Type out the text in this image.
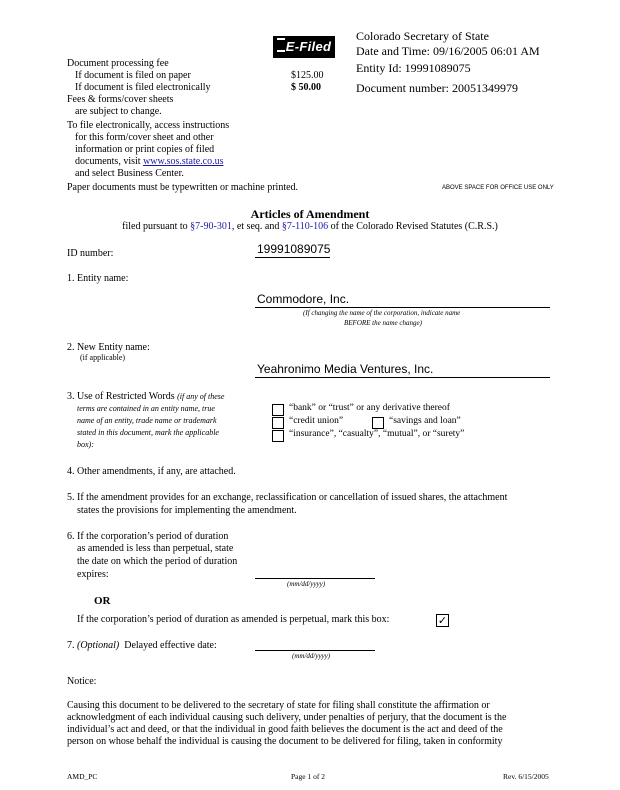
E-Filed
Colorado Secretary of State
Date and Time: 09/16/2005 06:01 AM
Entity Id: 19991089075
Document number: 20051349979
Document processing fee
If document is filed on paper	$125.00
If document is filed electronically	$ 50.00
Fees & forms/cover sheets
are subject to change.
To file electronically, access instructions
for this form/cover sheet and other
information or print copies of filed
documents, visit www.sos.state.co.us
and select Business Center.
Paper documents must be typewritten or machine printed.	ABOVE SPACE FOR OFFICE USE ONLY
Articles of Amendment
filed pursuant to §7-90-301, et seq. and §7-110-106 of the Colorado Revised Statutes (C.R.S.)
ID number:	19991089075
1. Entity name:
Commodore, Inc.
(If changing the name of the corporation, indicate name
BEFORE the name change)
2. New Entity name:
(if applicable)
Yeahronimo Media Ventures, Inc.
3. Use of Restricted Words (if any of these
terms are contained in an entity name, true
name of an entity, trade name or trademark
stated in this document, mark the applicable
box):
“bank” or “trust” or any derivative thereof
“credit union”	“savings and loan”
“insurance”, “casualty”, “mutual”, or “surety”
4. Other amendments, if any, are attached.
5. If the amendment provides for an exchange, reclassification or cancellation of issued shares, the attachment
states the provisions for implementing the amendment.
6. If the corporation’s period of duration
as amended is less than perpetual, state
the date on which the period of duration
expires:
(mm/dd/yyyy)
OR
If the corporation’s period of duration as amended is perpetual, mark this box:	✓
7. (Optional) Delayed effective date:
(mm/dd/yyyy)
Notice:
Causing this document to be delivered to the secretary of state for filing shall constitute the affirmation or
acknowledgment of each individual causing such delivery, under penalties of perjury, that the document is the
individual’s act and deed, or that the individual in good faith believes the document is the act and deed of the
person on whose behalf the individual is causing the document to be delivered for filing, taken in conformity
AMD_PC	Page 1 of 2	Rev. 6/15/2005
